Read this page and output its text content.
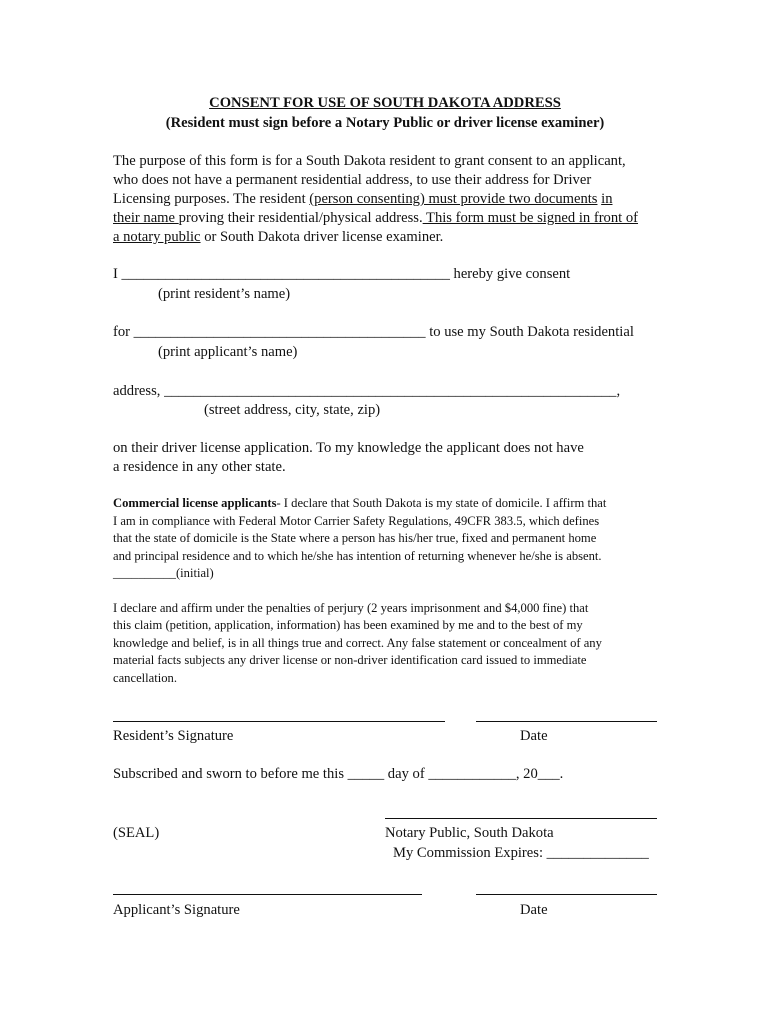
CONSENT FOR USE OF SOUTH DAKOTA ADDRESS
(Resident must sign before a Notary Public or driver license examiner)
The purpose of this form is for a South Dakota resident to grant consent to an applicant,
who does not have a permanent residential address, to use their address for Driver
Licensing purposes. The resident (person consenting) must provide two documents in
their name proving their residential/physical address. This form must be signed in front of
a notary public or South Dakota driver license examiner.
I _____________________________________________ hereby give consent
(print resident’s name)
for ________________________________________ to use my South Dakota residential
(print applicant’s name)
address, ______________________________________________________________,
(street address, city, state, zip)
on their driver license application. To my knowledge the applicant does not have
a residence in any other state.
Commercial license applicants- I declare that South Dakota is my state of domicile. I affirm that
I am in compliance with Federal Motor Carrier Safety Regulations, 49CFR 383.5, which defines
that the state of domicile is the State where a person has his/her true, fixed and permanent home
and principal residence and to which he/she has intention of returning whenever he/she is absent.
__________(initial)
I declare and affirm under the penalties of perjury (2 years imprisonment and $4,000 fine) that
this claim (petition, application, information) has been examined by me and to the best of my
knowledge and belief, is in all things true and correct. Any false statement or concealment of any
material facts subjects any driver license or non-driver identification card issued to immediate
cancellation.
Resident’s Signature	Date
Subscribed and sworn to before me this _____ day of ____________, 20___.
(SEAL)	Notary Public, South Dakota
My Commission Expires: ______________
Applicant’s Signature	Date
